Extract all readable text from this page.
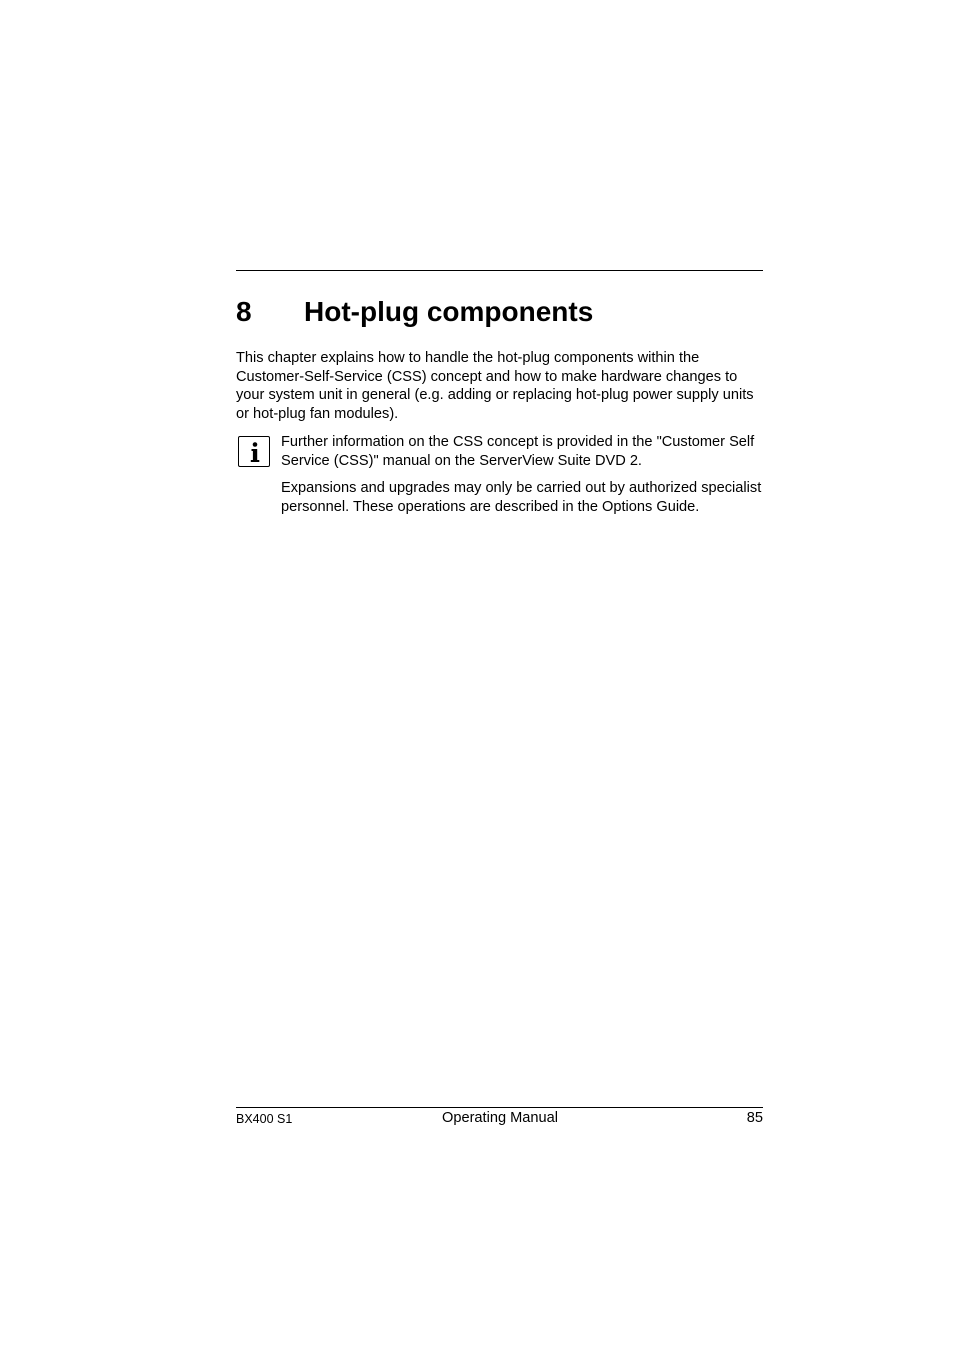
8 Hot-plug components

This chapter explains how to handle the hot-plug components within the Customer-Self-Service (CSS) concept and how to make hardware changes to your system unit in general (e.g. adding or replacing hot-plug power supply units or hot-plug fan modules).

Further information on the CSS concept is provided in the "Customer Self Service (CSS)" manual on the ServerView Suite DVD 2.

Expansions and upgrades may only be carried out by authorized specialist personnel. These operations are described in the Options Guide.

BX400 S1	Operating Manual	85
